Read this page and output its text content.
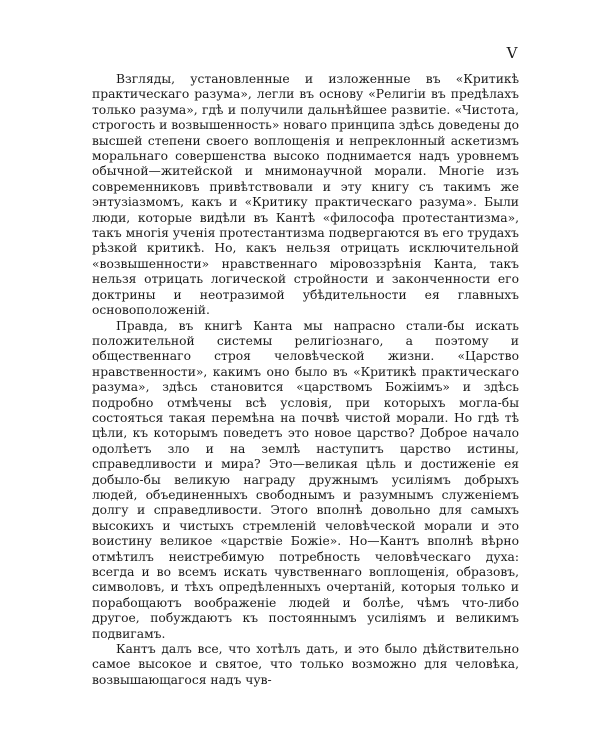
V

Взгляды, установленные и изложенные въ «Критикѣ практическаго разума», легли въ основу «Религіи въ предѣлахъ только разума», гдѣ и получили дальнѣйшее развитіе. «Чистота, строгость и возвышенность» новаго принципа здѣсь доведены до высшей степени своего воплощенія и непреклонный аскетизмъ моральнаго совершенства высоко поднимается надъ уровнемъ обычной—житейской и мнимонаучной морали. Многіе изъ современниковъ привѣтствовали и эту книгу съ такимъ же энтузіазмомъ, какъ и «Критику практическаго разума». Были люди, которые видѣли въ Кантѣ «философа протестантизма», такъ многія ученія протестантизма подвергаются въ его трудахъ рѣзкой критикѣ. Но, какъ нельзя отрицать исключительной «возвышенности» нравственнаго міровоззрѣнія Канта, такъ нельзя отрицать логической стройности и законченности его доктрины и неотразимой убѣдительности ея главныхъ основоположеній.

Правда, въ книгѣ Канта мы напрасно стали-бы искать положительной системы религіознаго, а поэтому и общественнаго строя человѣческой жизни. «Царство нравственности», какимъ оно было въ «Критикѣ практическаго разума», здѣсь становится «царствомъ Божіимъ» и здѣсь подробно отмѣчены всѣ условія, при которыхъ могла-бы состояться такая перемѣна на почвѣ чистой морали. Но гдѣ тѣ цѣли, къ которымъ поведетъ это новое царство? Доброе начало одолѣетъ зло и на землѣ наступитъ царство истины, справедливости и мира? Это—великая цѣль и достиженіе ея добыло-бы великую награду дружнымъ усиліямъ добрыхъ людей, объединенныхъ свободнымъ и разумнымъ служеніемъ долгу и справедливости. Этого вполнѣ довольно для самыхъ высокихъ и чистыхъ стремленій человѣческой морали и это воистину великое «царствіе Божіе». Но—Кантъ вполнѣ вѣрно отмѣтилъ неистребимую потребность человѣческаго духа: всегда и во всемъ искать чувственнаго воплощенія, образовъ, символовъ, и тѣхъ опредѣленныхъ очертаній, которыя только и порабощаютъ воображеніе людей и болѣе, чѣмъ что-либо другое, побуждаютъ къ постояннымъ усиліямъ и великимъ подвигамъ.

Кантъ далъ все, что хотѣлъ дать, и это было дѣйствительно самое высокое и святое, что только возможно для человѣка, возвышающагося надъ чув-
